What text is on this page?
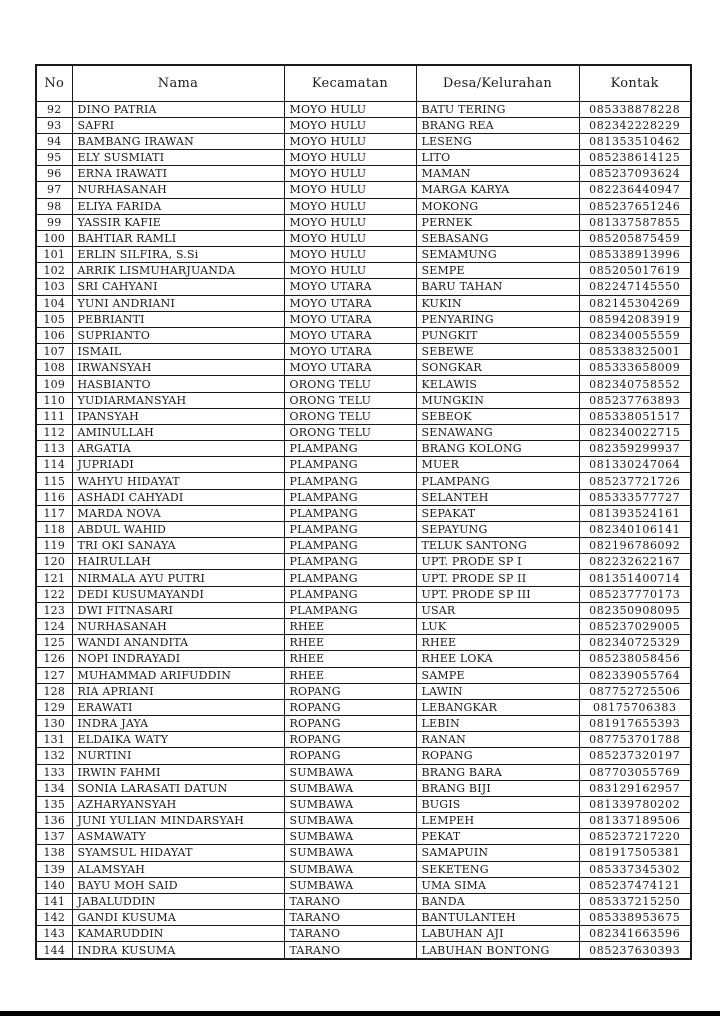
No	Nama	Kecamatan	Desa/Kelurahan	Kontak
92	DINO PATRIA	MOYO HULU	BATU TERING	085338878228
93	SAFRI	MOYO HULU	BRANG REA	082342228229
94	BAMBANG IRAWAN	MOYO HULU	LESENG	081353510462
95	ELY SUSMIATI	MOYO HULU	LITO	085238614125
96	ERNA IRAWATI	MOYO HULU	MAMAN	085237093624
97	NURHASANAH	MOYO HULU	MARGA KARYA	082236440947
98	ELIYA FARIDA	MOYO HULU	MOKONG	085237651246
99	YASSIR KAFIE	MOYO HULU	PERNEK	081337587855
100	BAHTIAR RAMLI	MOYO HULU	SEBASANG	085205875459
101	ERLIN SILFIRA, S.Si	MOYO HULU	SEMAMUNG	085338913996
102	ARRIK LISMUHARJUANDA	MOYO HULU	SEMPE	085205017619
103	SRI CAHYANI	MOYO UTARA	BARU TAHAN	082247145550
104	YUNI ANDRIANI	MOYO UTARA	KUKIN	082145304269
105	PEBRIANTI	MOYO UTARA	PENYARING	085942083919
106	SUPRIANTO	MOYO UTARA	PUNGKIT	082340055559
107	ISMAIL	MOYO UTARA	SEBEWE	085338325001
108	IRWANSYAH	MOYO UTARA	SONGKAR	085333658009
109	HASBIANTO	ORONG TELU	KELAWIS	082340758552
110	YUDIARMANSYAH	ORONG TELU	MUNGKIN	085237763893
111	IPANSYAH	ORONG TELU	SEBEOK	085338051517
112	AMINULLAH	ORONG TELU	SENAWANG	082340022715
113	ARGATIA	PLAMPANG	BRANG KOLONG	082359299937
114	JUPRIADI	PLAMPANG	MUER	081330247064
115	WAHYU HIDAYAT	PLAMPANG	PLAMPANG	085237721726
116	ASHADI CAHYADI	PLAMPANG	SELANTEH	085333577727
117	MARDA NOVA	PLAMPANG	SEPAKAT	081393524161
118	ABDUL WAHID	PLAMPANG	SEPAYUNG	082340106141
119	TRI OKI SANAYA	PLAMPANG	TELUK SANTONG	082196786092
120	HAIRULLAH	PLAMPANG	UPT. PRODE SP I	082232622167
121	NIRMALA AYU PUTRI	PLAMPANG	UPT. PRODE SP II	081351400714
122	DEDI KUSUMAYANDI	PLAMPANG	UPT. PRODE SP III	085237770173
123	DWI FITNASARI	PLAMPANG	USAR	082350908095
124	NURHASANAH	RHEE	LUK	085237029005
125	WANDI ANANDITA	RHEE	RHEE	082340725329
126	NOPI INDRAYADI	RHEE	RHEE LOKA	085238058456
127	MUHAMMAD ARIFUDDIN	RHEE	SAMPE	082339055764
128	RIA APRIANI	ROPANG	LAWIN	087752725506
129	ERAWATI	ROPANG	LEBANGKAR	08175706383
130	INDRA JAYA	ROPANG	LEBIN	081917655393
131	ELDAIKA WATY	ROPANG	RANAN	087753701788
132	NURTINI	ROPANG	ROPANG	085237320197
133	IRWIN FAHMI	SUMBAWA	BRANG BARA	087703055769
134	SONIA LARASATI DATUN	SUMBAWA	BRANG BIJI	083129162957
135	AZHARYANSYAH	SUMBAWA	BUGIS	081339780202
136	JUNI YULIAN MINDARSYAH	SUMBAWA	LEMPEH	081337189506
137	ASMAWATY	SUMBAWA	PEKAT	085237217220
138	SYAMSUL HIDAYAT	SUMBAWA	SAMAPUIN	081917505381
139	ALAMSYAH	SUMBAWA	SEKETENG	085337345302
140	BAYU MOH SAID	SUMBAWA	UMA SIMA	085237474121
141	JABALUDDIN	TARANO	BANDA	085337215250
142	GANDI KUSUMA	TARANO	BANTULANTEH	085338953675
143	KAMARUDDIN	TARANO	LABUHAN AJI	082341663596
144	INDRA KUSUMA	TARANO	LABUHAN BONTONG	085237630393
